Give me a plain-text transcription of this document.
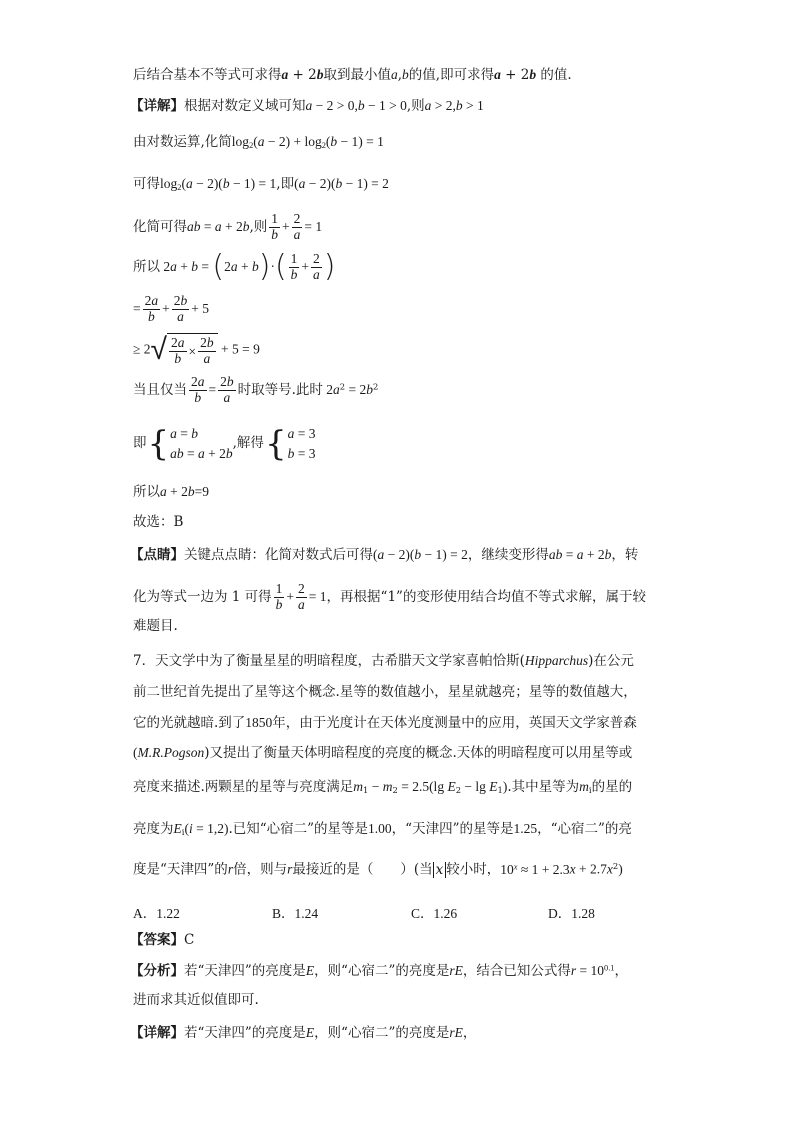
后结合基本不等式可求得a + 2b取到最小值a,b的值,即可求得a + 2b 的值.
【详解】根据对数定义域可知a − 2 > 0,b − 1 > 0,则a > 2,b > 1
由对数运算,化简$\log_2(a - 2) + \log_2(b - 1) = 1$
可得$\log_2(a - 2)(b - 1) = 1$,即(a − 2)(b − 1) = 2
化简可得ab = a + 2b,则 $\frac{1}{b} + \frac{2}{a} = 1$
所以 $2a + b = (2a + b)\cdot( \frac{1}{b} + \frac{2}{a}$ )
= $\frac{2a}{b} + \frac{2b}{a} + 5$
≥ 2 √ $\frac{2a}{b} \times \frac{2b}{a} + 5 = 9$
当且仅当 $\frac{2a}{b} = \frac{2b}{a}$ 时取等号.此时 $2a^2 = 2b^2$
即{ a = b
ab = a + 2b
,解得{ a = 3
b = 3
所以a + 2b=9
故选：B
【点睛】关键点点睛：化简对数式后可得(a − 2)(b − 1) = 2，继续变形得ab = a + 2b，转
化为等式一边为 1 可得 $\frac{1}{b} + \frac{2}{a} = 1$，再根据“1”的变形使用结合均值不等式求解，属于较
难题目.
7．天文学中为了衡量星星的明暗程度，古希腊天文学家喜帕恰斯(Hipparchus)在公元
前二世纪首先提出了星等这个概念.星等的数值越小，星星就越亮；星等的数值越大，
它的光就越暗.到了1850年，由于光度计在天体光度测量中的应用，英国天文学家普森
(M.R.Pogson)又提出了衡量天体明暗程度的亮度的概念.天体的明暗程度可以用星等或
亮度来描述.两颗星的星等与亮度满足$m_1 - m_2 = 2.5(\lg$ $E_2 - \lg E_1$).其中星等为$m_i$的星的
亮度为$E_i(i = 1,2)$.已知“心宿二”的星等是1.00，“天津四”的星等是1.25，“心宿二”的亮
度是“天津四”的r倍，则与r最接近的是（　　）(当 x 较小时，$10^x \approx 1 + 2.3x + 2.7x^2$)
A．1.22	B．1.24	C．1.26	D．1.28
【答案】C
【分析】若“天津四”的亮度是E，则“心宿二”的亮度是rE，结合已知公式得$r = 10^{0.1}$，
进而求其近似值即可.
【详解】若“天津四”的亮度是E，则“心宿二”的亮度是rE，
